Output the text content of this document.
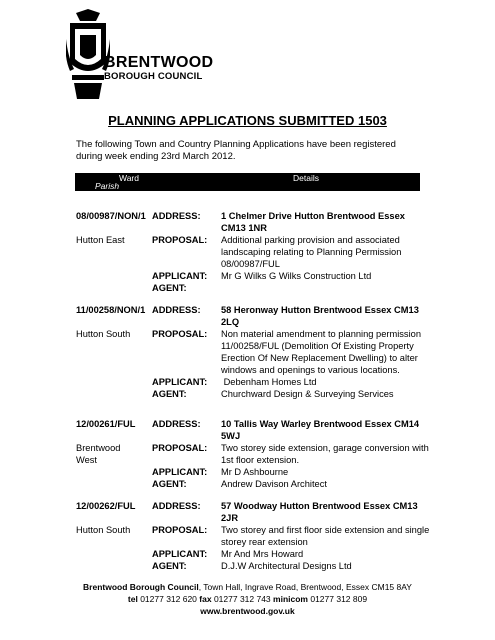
BRENTWOOD
BOROUGH COUNCIL
PLANNING APPLICATIONS SUBMITTED 1503
The following Town and Country Planning Applications have been registered during week ending 23rd March 2012.
Ward	Details
Parish
08/00987/NON/1 ADDRESS: 1 Chelmer Drive Hutton Brentwood Essex
CM13 1NR
Hutton East	PROPOSAL: Additional parking provision and associated
landscaping relating to Planning Permission
08/00987/FUL
APPLICANT: Mr G Wilks G Wilks Construction Ltd
AGENT:
11/00258/NON/1 ADDRESS: 58 Heronway Hutton Brentwood Essex CM13
2LQ
Hutton South PROPOSAL: Non material amendment to planning permission
11/00258/FUL (Demolition Of Existing Property
Erection Of New Replacement Dwelling) to alter
windows and openings to various locations.
APPLICANT: Debenham Homes Ltd
AGENT:	Churchward Design & Surveying Services
12/00261/FUL ADDRESS: 10 Tallis Way Warley Brentwood Essex CM14
5WJ
Brentwood
West
PROPOSAL: Two storey side extension, garage conversion with
1st floor extension.
APPLICANT: Mr D Ashbourne
AGENT:	Andrew Davison Architect
12/00262/FUL ADDRESS: 57 Woodway Hutton Brentwood Essex CM13
2JR
Hutton South PROPOSAL: Two storey and first floor side extension and single
storey rear extension
APPLICANT: Mr And Mrs Howard
AGENT:	D.J.W Architectural Designs Ltd
Brentwood Borough Council, Town Hall, Ingrave Road, Brentwood, Essex CM15 8AY
tel 01277 312 620 fax 01277 312 743 minicom 01277 312 809
www.brentwood.gov.uk
